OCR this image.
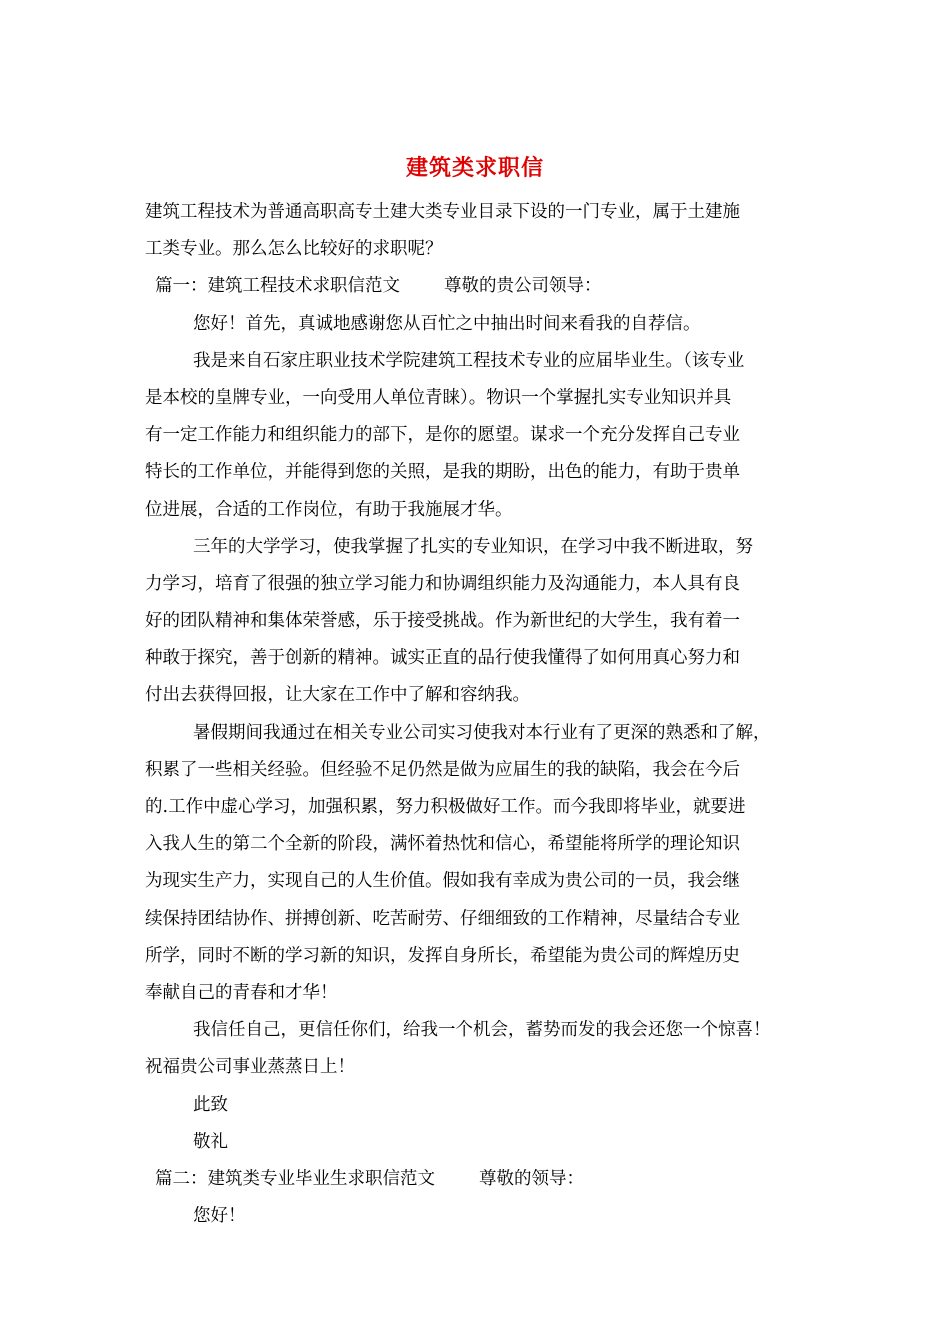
建筑类求职信
建筑工程技术为普通高职高专土建大类专业目录下设的一门专业，属于土建施
工类专业。那么怎么比较好的求职呢？
篇一：建筑工程技术求职信范文	尊敬的贵公司领导：
您好！首先，真诚地感谢您从百忙之中抽出时间来看我的自荐信。
我是来自石家庄职业技术学院建筑工程技术专业的应届毕业生。（该专业
是本校的皇牌专业，一向受用人单位青睐）。物识一个掌握扎实专业知识并具
有一定工作能力和组织能力的部下，是你的愿望。谋求一个充分发挥自己专业
特长的工作单位，并能得到您的关照，是我的期盼，出色的能力，有助于贵单
位进展，合适的工作岗位，有助于我施展才华。
三年的大学学习，使我掌握了扎实的专业知识，在学习中我不断进取，努
力学习，培育了很强的独立学习能力和协调组织能力及沟通能力，本人具有良
好的团队精神和集体荣誉感，乐于接受挑战。作为新世纪的大学生，我有着一
种敢于探究，善于创新的精神。诚实正直的品行使我懂得了如何用真心努力和
付出去获得回报，让大家在工作中了解和容纳我。
暑假期间我通过在相关专业公司实习使我对本行业有了更深的熟悉和了解，
积累了一些相关经验。但经验不足仍然是做为应届生的我的缺陷，我会在今后
的.工作中虚心学习，加强积累，努力积极做好工作。而今我即将毕业，就要进
入我人生的第二个全新的阶段，满怀着热忱和信心，希望能将所学的理论知识
为现实生产力，实现自己的人生价值。假如我有幸成为贵公司的一员，我会继
续保持团结协作、拼搏创新、吃苦耐劳、仔细细致的工作精神，尽量结合专业
所学，同时不断的学习新的知识，发挥自身所长，希望能为贵公司的辉煌历史
奉献自己的青春和才华！
我信任自己，更信任你们，给我一个机会，蓄势而发的我会还您一个惊喜！
祝福贵公司事业蒸蒸日上！
此致
敬礼
篇二：建筑类专业毕业生求职信范文	尊敬的领导：
您好！
